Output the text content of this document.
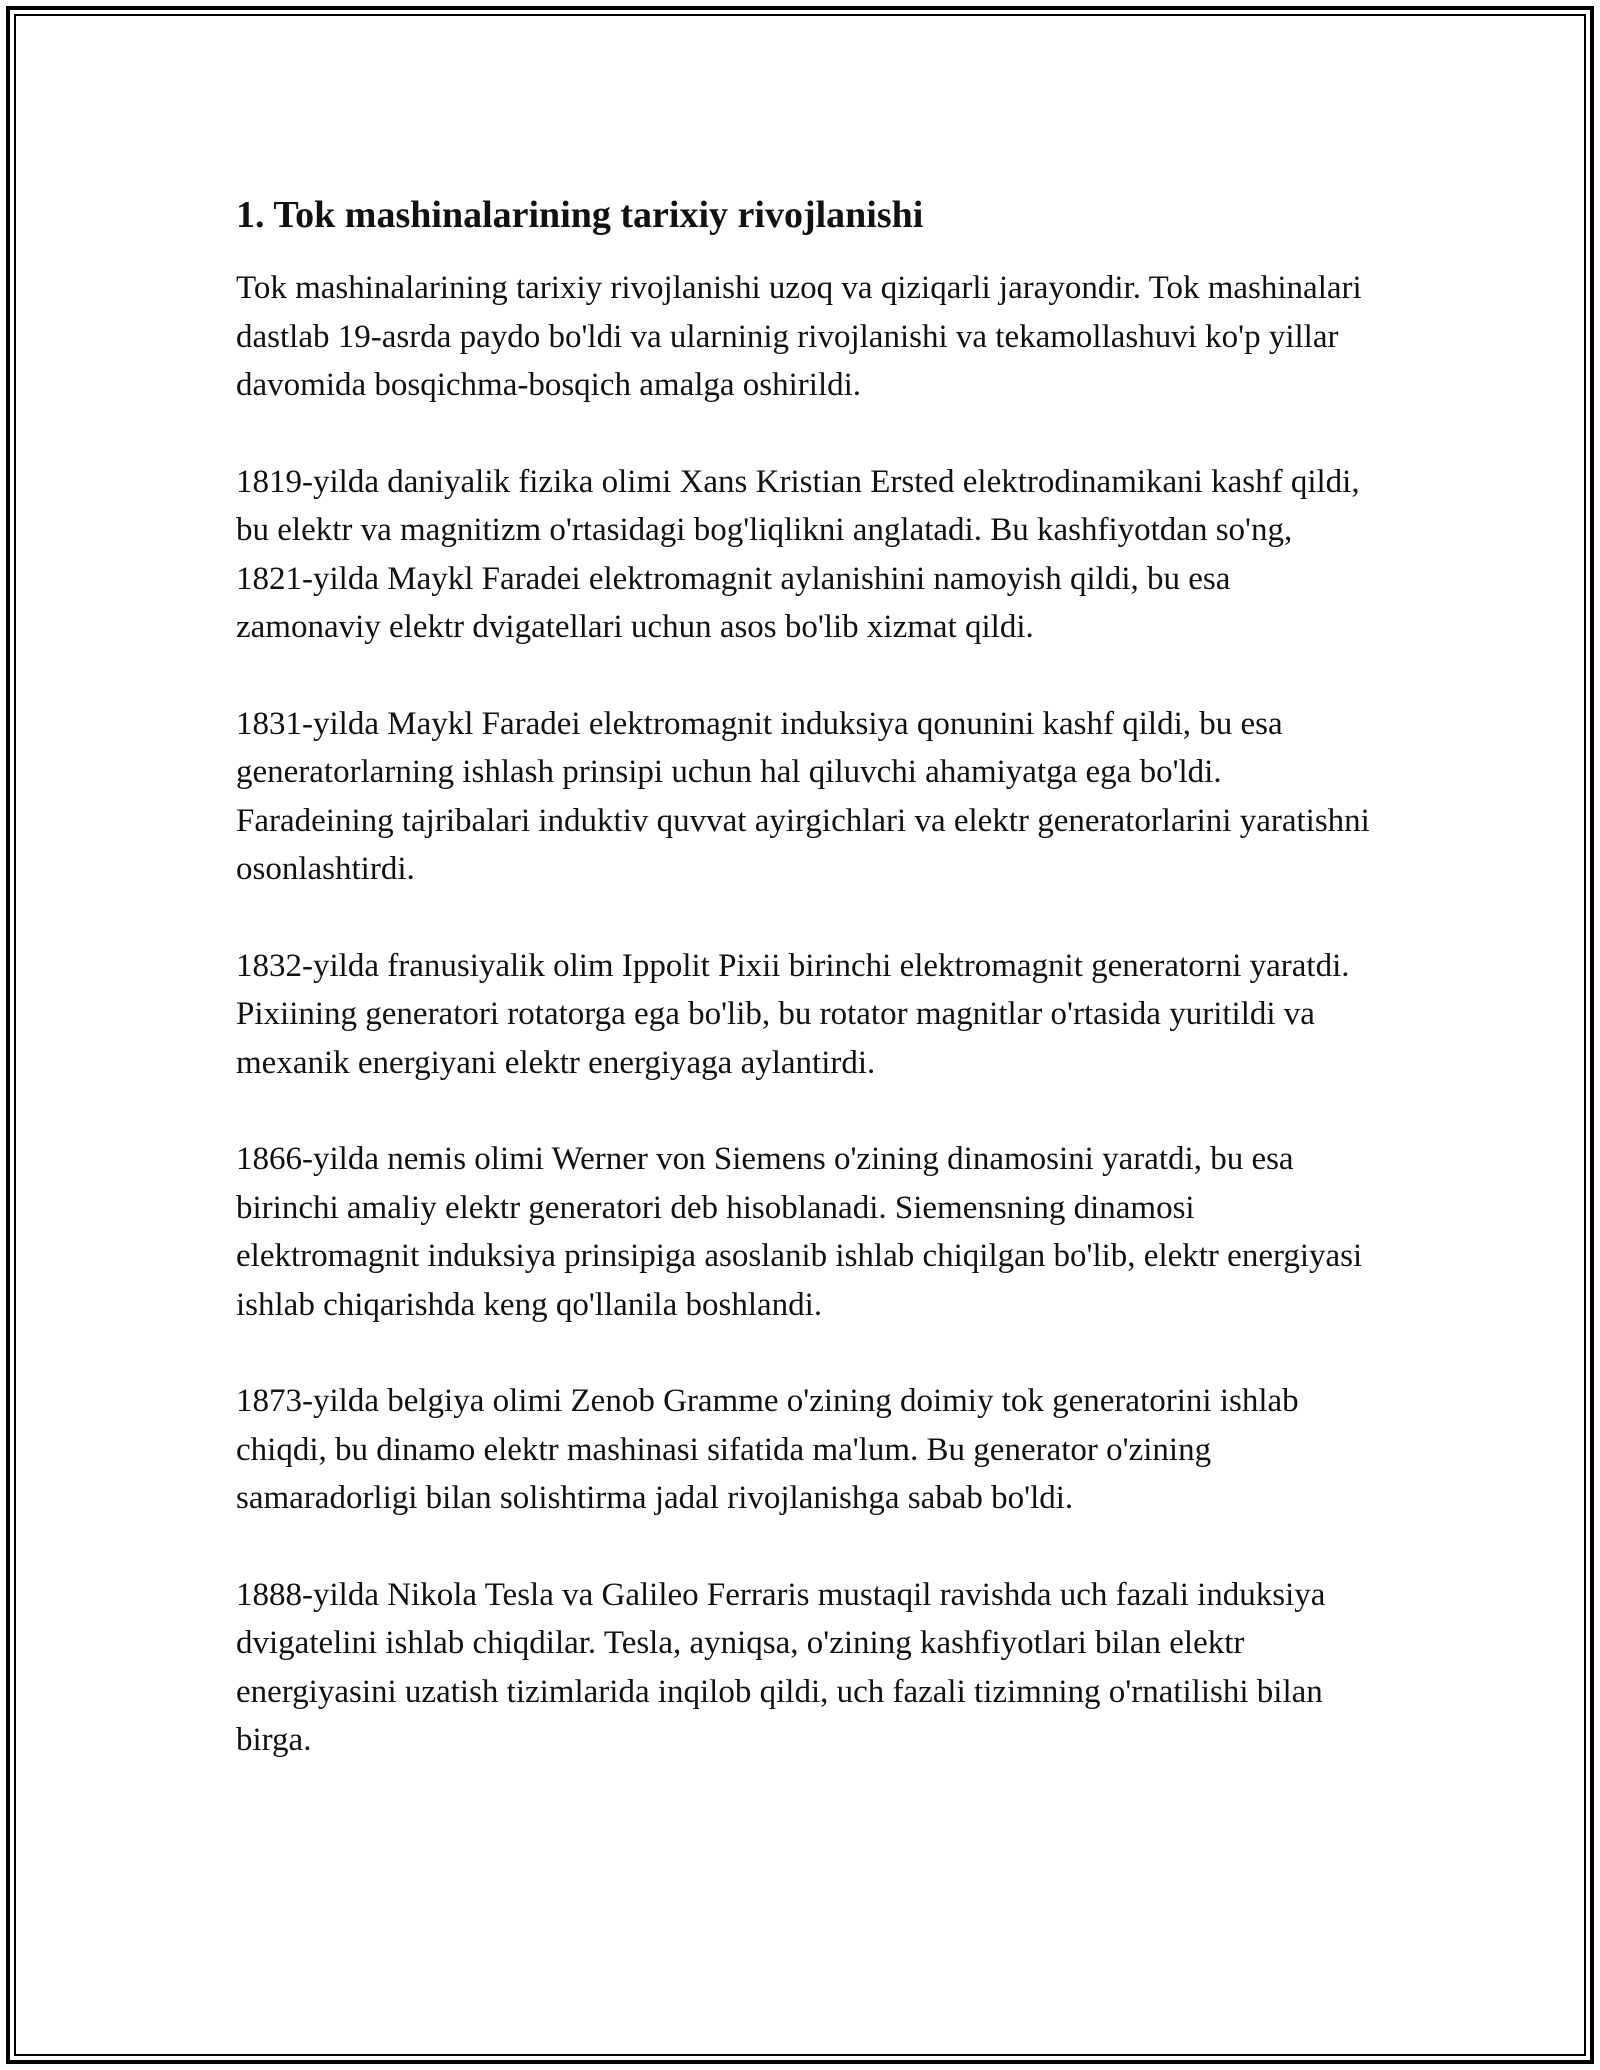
1. Tok mashinalarining tarixiy rivojlanishi

Tok mashinalarining tarixiy rivojlanishi uzoq va qiziqarli jarayondir. Tok mashinalari dastlab 19-asrda paydo bo'ldi va ularninig rivojlanishi va tekamollashuvi ko'p yillar davomida bosqichma-bosqich amalga oshirildi.

1819-yilda daniyalik fizika olimi Xans Kristian Ersted elektrodinamikani kashf qildi, bu elektr va magnitizm o'rtasidagi bog'liqlikni anglatadi. Bu kashfiyotdan so'ng, 1821-yilda Maykl Faradei elektromagnit aylanishini namoyish qildi, bu esa zamonaviy elektr dvigatellari uchun asos bo'lib xizmat qildi.

1831-yilda Maykl Faradei elektromagnit induksiya qonunini kashf qildi, bu esa generatorlarning ishlash prinsipi uchun hal qiluvchi ahamiyatga ega bo'ldi. Faradeining tajribalari induktiv quvvat ayirgichlari va elektr generatorlarini yaratishni osonlashtirdi.

1832-yilda franusiyalik olim Ippolit Pixii birinchi elektromagnit generatorni yaratdi. Pixiining generatori rotatorga ega bo'lib, bu rotator magnitlar o'rtasida yuritildi va mexanik energiyani elektr energiyaga aylantirdi.

1866-yilda nemis olimi Werner von Siemens o'zining dinamosini yaratdi, bu esa birinchi amaliy elektr generatori deb hisoblanadi. Siemensning dinamosi elektromagnit induksiya prinsipiga asoslanib ishlab chiqilgan bo'lib, elektr energiyasi ishlab chiqarishda keng qo'llanila boshlandi.

1873-yilda belgiya olimi Zenob Gramme o'zining doimiy tok generatorini ishlab chiqdi, bu dinamo elektr mashinasi sifatida ma'lum. Bu generator o'zining samaradorligi bilan solishtirma jadal rivojlanishga sabab bo'ldi.

1888-yilda Nikola Tesla va Galileo Ferraris mustaqil ravishda uch fazali induksiya dvigatelini ishlab chiqdilar. Tesla, ayniqsa, o'zining kashfiyotlari bilan elektr energiyasini uzatish tizimlarida inqilob qildi, uch fazali tizimning o'rnatilishi bilan birga.
